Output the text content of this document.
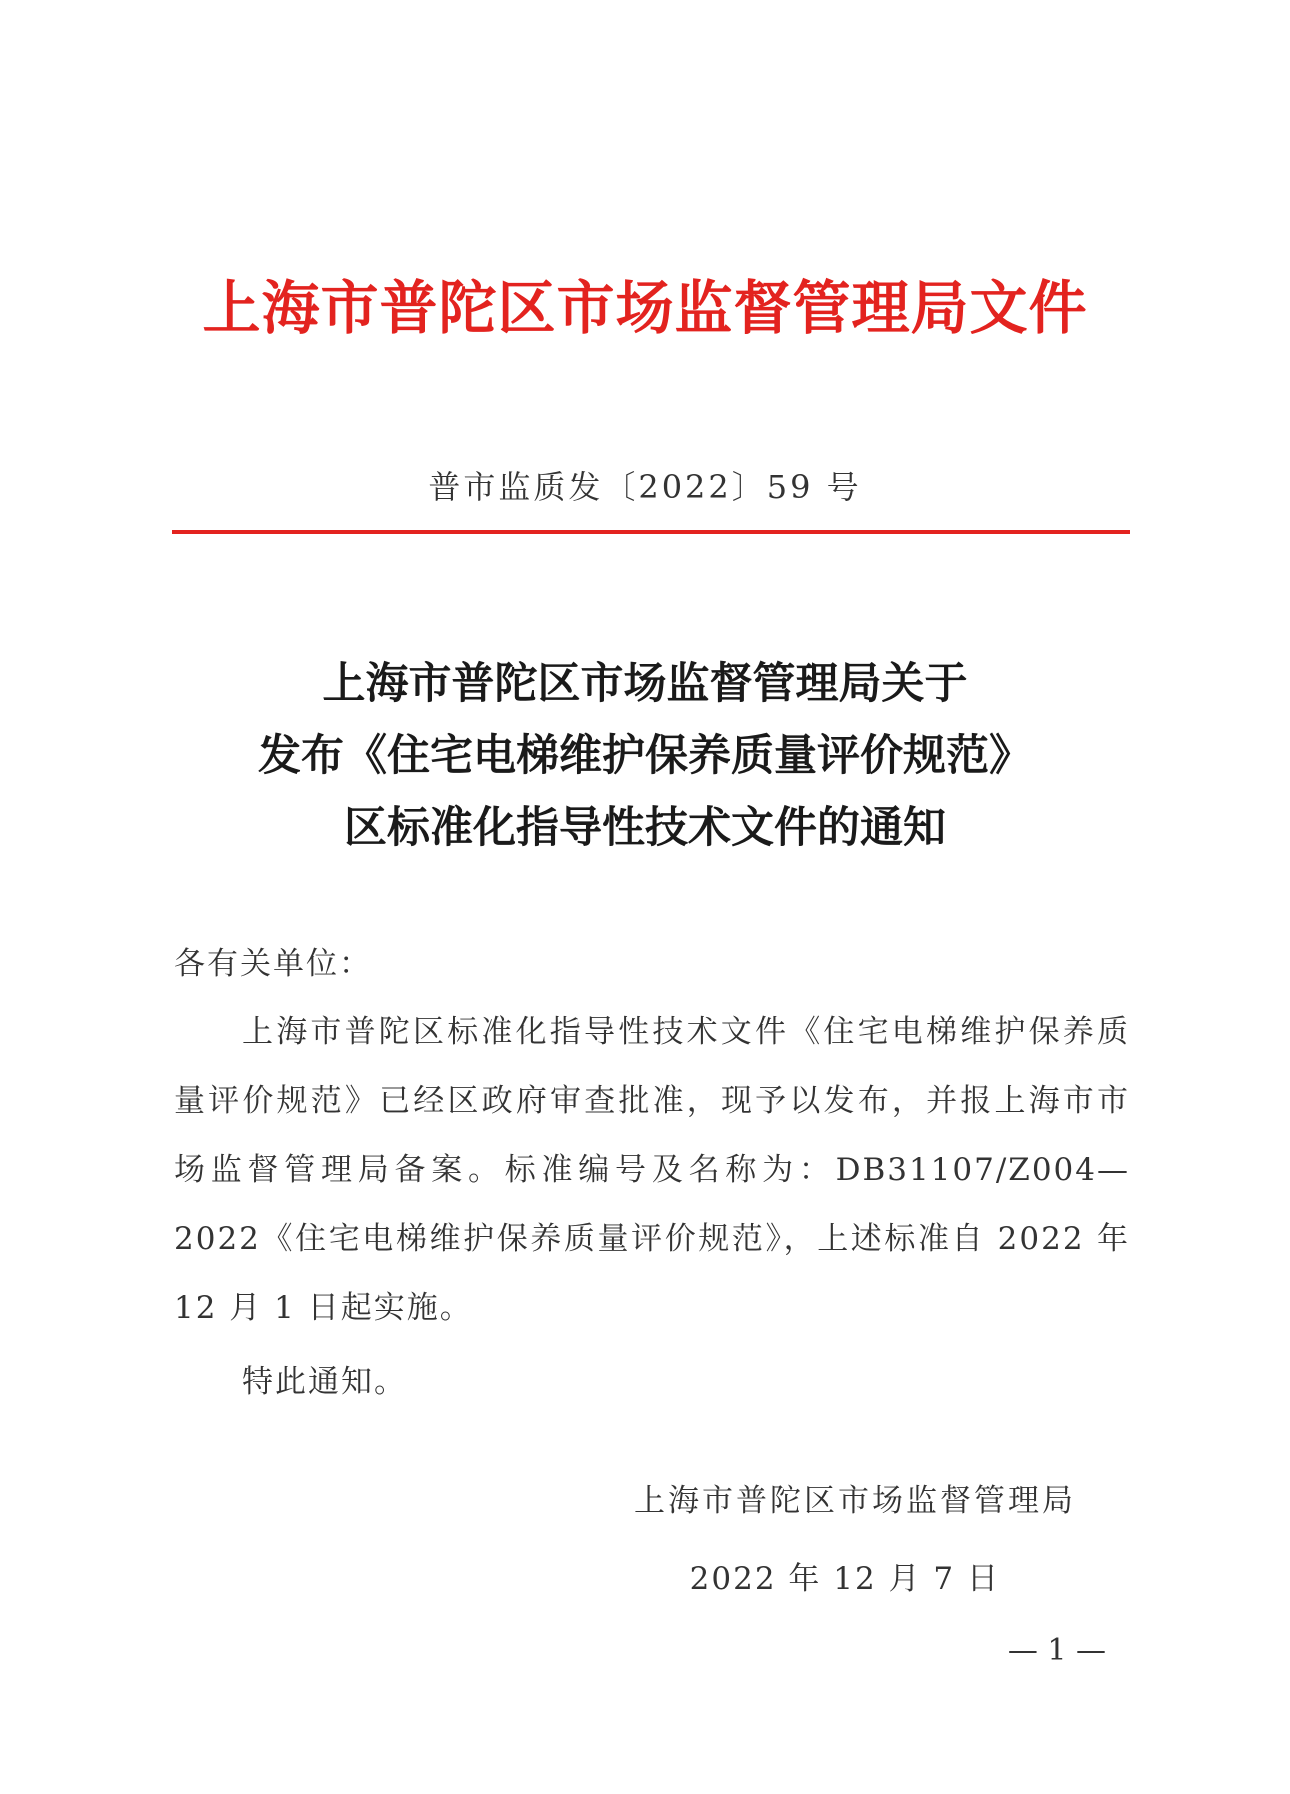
上海市普陀区市场监督管理局文件
普市监质发〔2022〕59 号
上海市普陀区市场监督管理局关于
发布《住宅电梯维护保养质量评价规范》
区标准化指导性技术文件的通知

各有关单位：

上海市普陀区标准化指导性技术文件《住宅电梯维护保养质量评价规范》已经区政府审查批准，现予以发布，并报上海市市场监督管理局备案。标准编号及名称为：DB31107/Z004—2022《住宅电梯维护保养质量评价规范》，上述标准自 2022 年 12 月 1 日起实施。

特此通知。

上海市普陀区市场监督管理局
2022 年 12 月 7 日
— 1 —
